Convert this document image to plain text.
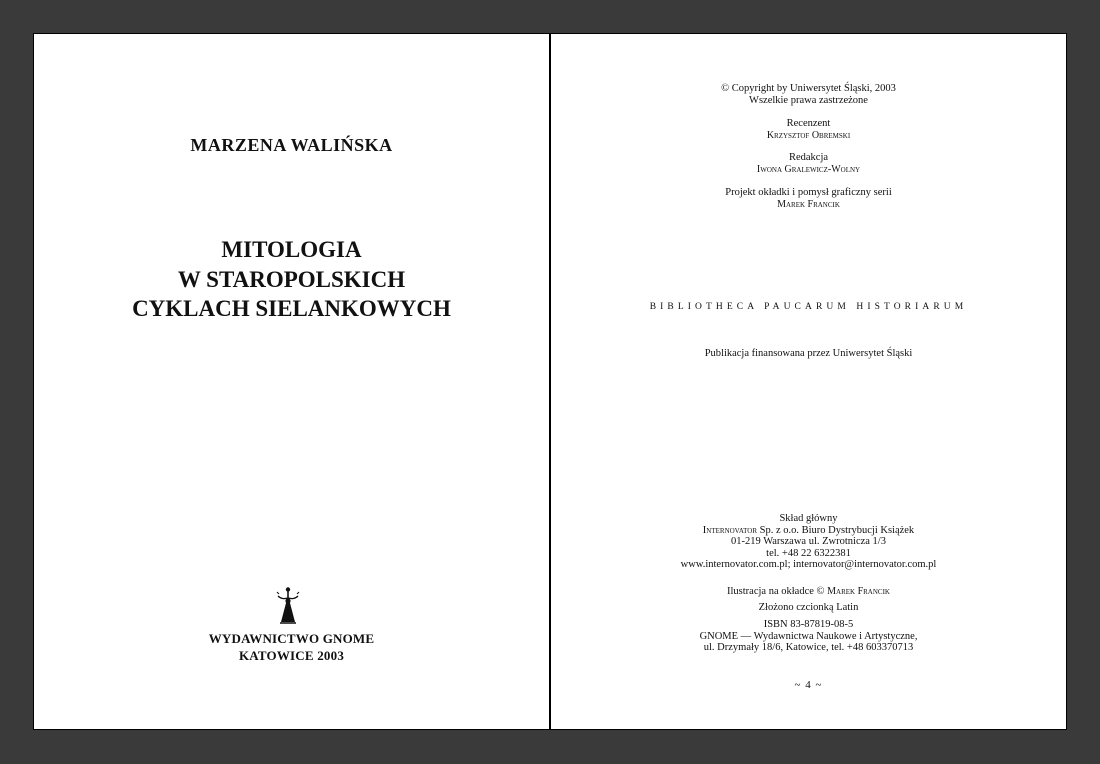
MARZENA WALIŃSKA
MITOLOGIA
W STAROPOLSKICH
CYKLACH SIELANKOWYCH
WYDAWNICTWO GNOME
KATOWICE 2003
© Copyright by Uniwersytet Śląski, 2003
Wszelkie prawa zastrzeżone
Recenzent
Krzysztof Obremski
Redakcja
Iwona Gralewicz-Wolny
Projekt okładki i pomysł graficzny serii
Marek Francik
BIBLIOTHECA PAUCARUM HISTORIARUM
Publikacja finansowana przez Uniwersytet Śląski
Skład główny
Internovator Sp. z o.o. Biuro Dystrybucji Książek
01-219 Warszawa ul. Zwrotnicza 1/3
tel. +48 22 6322381
www.internovator.com.pl; internovator@internovator.com.pl
Ilustracja na okładce © Marek Francik
Złożono czcionką Latin
ISBN 83-87819-08-5
GNOME — Wydawnictwa Naukowe i Artystyczne,
ul. Drzymały 18/6, Katowice, tel. +48 603370713
~ 4 ~
